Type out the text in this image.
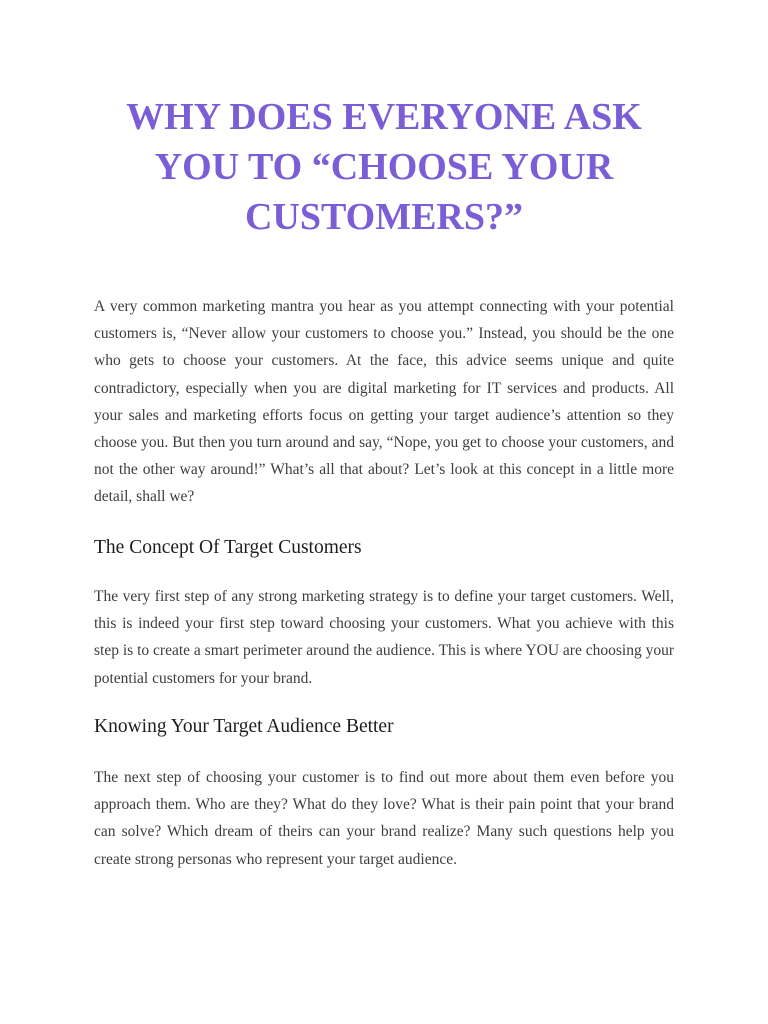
WHY DOES EVERYONE ASK
YOU TO “CHOOSE YOUR
CUSTOMERS?”

A very common marketing mantra you hear as you attempt connecting with your potential customers is, “Never allow your customers to choose you.” Instead, you should be the one who gets to choose your customers. At the face, this advice seems unique and quite contradictory, especially when you are digital marketing for IT services and products. All your sales and marketing efforts focus on getting your target audience’s attention so they choose you. But then you turn around and say, “Nope, you get to choose your customers, and not the other way around!” What’s all that about? Let’s look at this concept in a little more detail, shall we?

The Concept Of Target Customers

The very first step of any strong marketing strategy is to define your target customers. Well, this is indeed your first step toward choosing your customers. What you achieve with this step is to create a smart perimeter around the audience. This is where YOU are choosing your potential customers for your brand.

Knowing Your Target Audience Better

The next step of choosing your customer is to find out more about them even before you approach them. Who are they? What do they love? What is their pain point that your brand can solve? Which dream of theirs can your brand realize? Many such questions help you create strong personas who represent your target audience.
